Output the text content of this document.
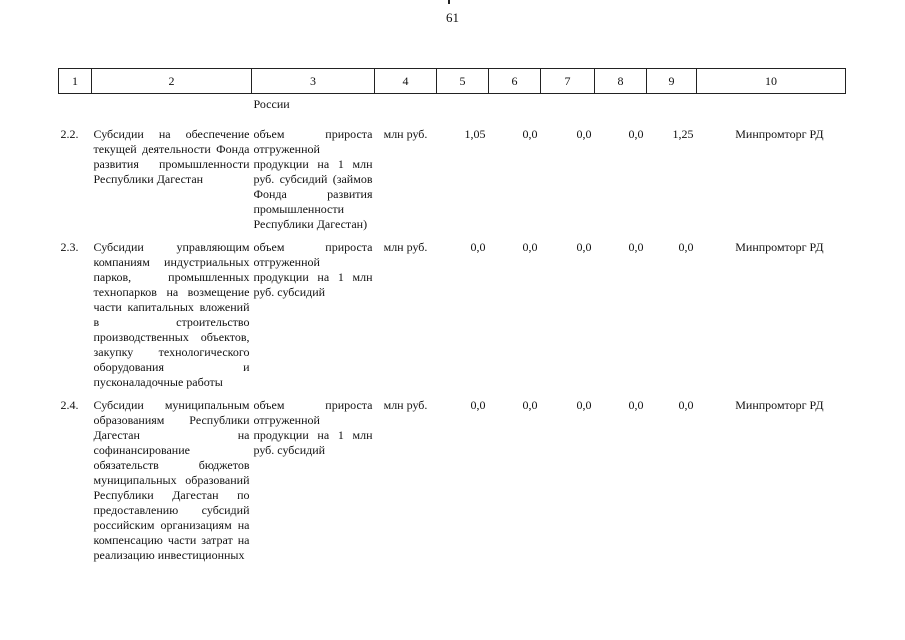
61
1	2	3	4	5	6	7	8	9	10
		России							

2.2.	Субсидии на обеспечение текущей деятельности Фонда развития промышленности Республики Дагестан	объем прироста отгруженной продукции на 1 млн руб. субсидий (займов Фонда развития промышленности Республики Дагестан)	млн руб.	1,05	0,0	0,0	0,0	1,25	Минпромторг РД

2.3.	Субсидии управляющим компаниям индустриальных парков, промышленных технопарков на возмещение части капитальных вложений в строительство производственных объектов, закупку технологического оборудования и пусконаладочные работы	объем прироста отгруженной продукции на 1 млн руб. субсидий	млн руб.	0,0	0,0	0,0	0,0	0,0	Минпромторг РД

2.4.	Субсидии муниципальным образованиям Республики Дагестан на софинансирование обязательств бюджетов муниципальных образований Республики Дагестан по предоставлению субсидий российским организациям на компенсацию части затрат на реализацию инвестиционных	объем прироста отгруженной продукции на 1 млн руб. субсидий	млн руб.	0,0	0,0	0,0	0,0	0,0	Минпромторг РД
